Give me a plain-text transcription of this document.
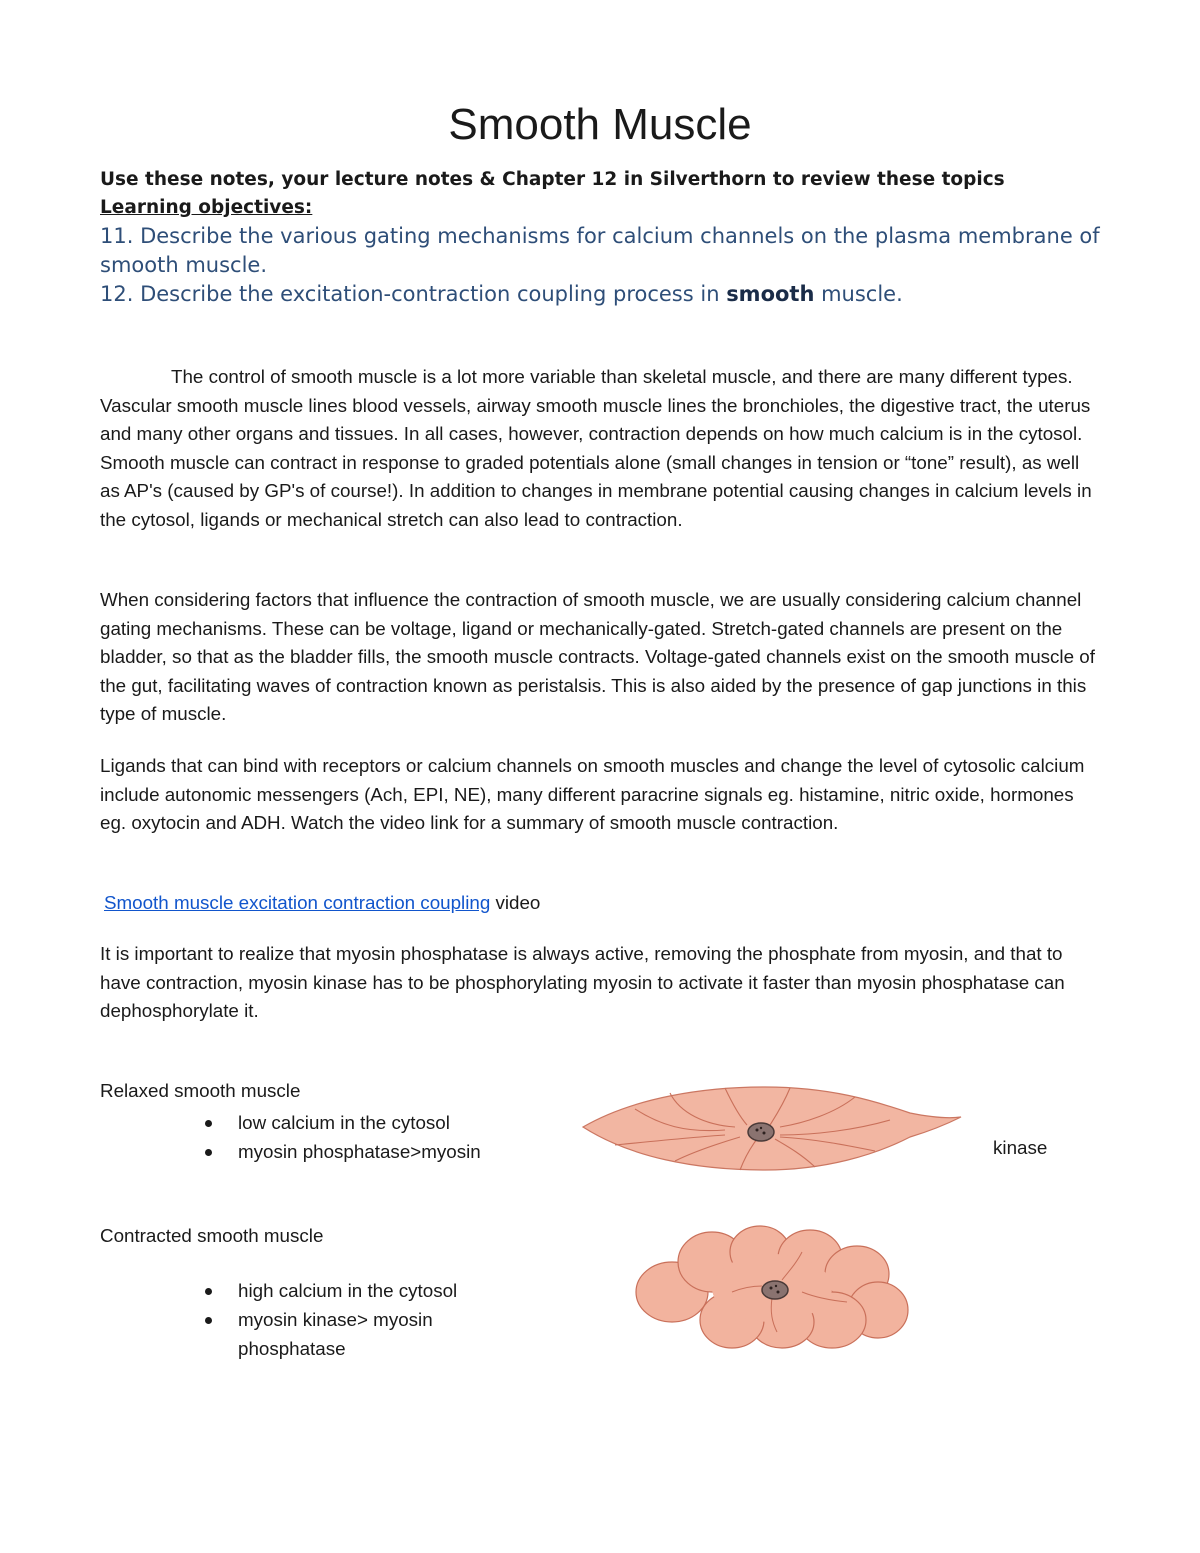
Smooth Muscle
Use these notes, your lecture notes & Chapter 12 in Silverthorn to review these topics
Learning objectives:

11. Describe the various gating mechanisms for calcium channels on the plasma membrane of smooth muscle.

12. Describe the excitation-contraction coupling process in smooth muscle.

The control of smooth muscle is a lot more variable than skeletal muscle, and there are many different types. Vascular smooth muscle lines blood vessels, airway smooth muscle lines the bronchioles, the digestive tract, the uterus and many other organs and tissues. In all cases, however, contraction depends on how much calcium is in the cytosol. Smooth muscle can contract in response to graded potentials alone (small changes in tension or “tone” result), as well as AP's (caused by GP's of course!). In addition to changes in membrane potential causing changes in calcium levels in the cytosol, ligands or mechanical stretch can also lead to contraction.

When considering factors that influence the contraction of smooth muscle, we are usually considering calcium channel gating mechanisms. These can be voltage, ligand or mechanically-gated. Stretch-gated channels are present on the bladder, so that as the bladder fills, the smooth muscle contracts. Voltage-gated channels exist on the smooth muscle of the gut, facilitating waves of contraction known as peristalsis. This is also aided by the presence of gap junctions in this type of muscle.

Ligands that can bind with receptors or calcium channels on smooth muscles and change the level of cytosolic calcium include autonomic messengers (Ach, EPI, NE), many different paracrine signals eg. histamine, nitric oxide, hormones eg. oxytocin and ADH. Watch the video link for a summary of smooth muscle contraction.

Smooth muscle excitation contraction coupling video

It is important to realize that myosin phosphatase is always active, removing the phosphate from myosin, and that to have contraction, myosin kinase has to be phosphorylating myosin to activate it faster than myosin phosphatase can dephosphorylate it.

Relaxed smooth muscle

low calcium in the cytosol
myosin phosphatase>myosin	kinase

Contracted smooth muscle

high calcium in the cytosol
myosin kinase> myosin
phosphatase
